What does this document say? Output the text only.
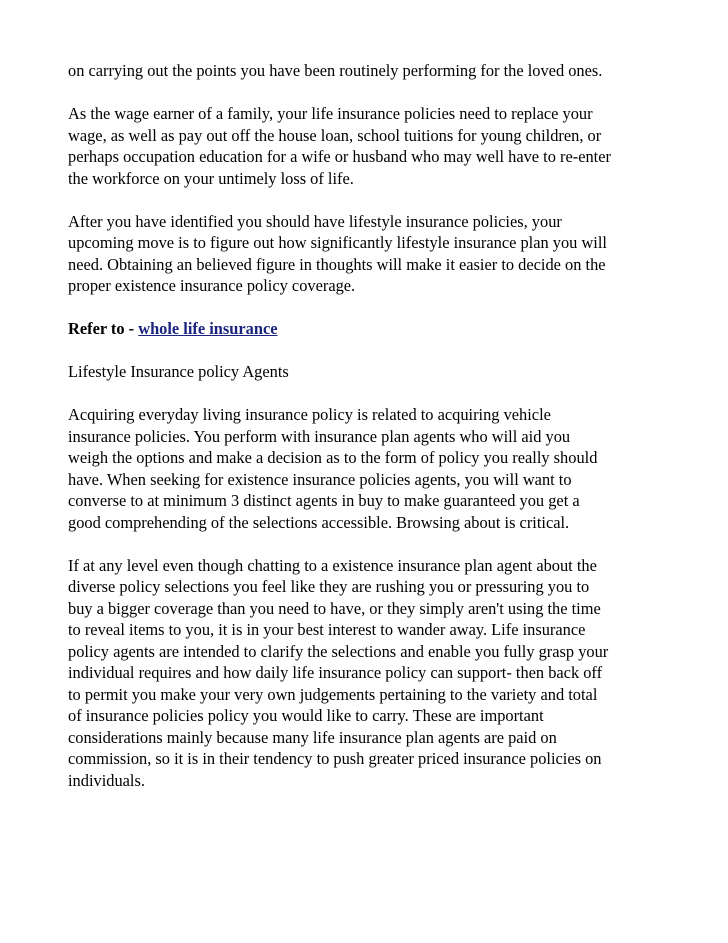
on carrying out the points you have been routinely performing for the loved ones.

As the wage earner of a family, your life insurance policies need to replace your
wage, as well as pay out off the house loan, school tuitions for young children, or
perhaps occupation education for a wife or husband who may well have to re-enter
the workforce on your untimely loss of life.

After you have identified you should have lifestyle insurance policies, your
upcoming move is to figure out how significantly lifestyle insurance plan you will
need. Obtaining an believed figure in thoughts will make it easier to decide on the
proper existence insurance policy coverage.

Refer to - whole life insurance

Lifestyle Insurance policy Agents

Acquiring everyday living insurance policy is related to acquiring vehicle
insurance policies. You perform with insurance plan agents who will aid you
weigh the options and make a decision as to the form of policy you really should
have. When seeking for existence insurance policies agents, you will want to
converse to at minimum 3 distinct agents in buy to make guaranteed you get a
good comprehending of the selections accessible. Browsing about is critical.

If at any level even though chatting to a existence insurance plan agent about the
diverse policy selections you feel like they are rushing you or pressuring you to
buy a bigger coverage than you need to have, or they simply aren't using the time
to reveal items to you, it is in your best interest to wander away. Life insurance
policy agents are intended to clarify the selections and enable you fully grasp your
individual requires and how daily life insurance policy can support- then back off
to permit you make your very own judgements pertaining to the variety and total
of insurance policies policy you would like to carry. These are important
considerations mainly because many life insurance plan agents are paid on
commission, so it is in their tendency to push greater priced insurance policies on
individuals.
